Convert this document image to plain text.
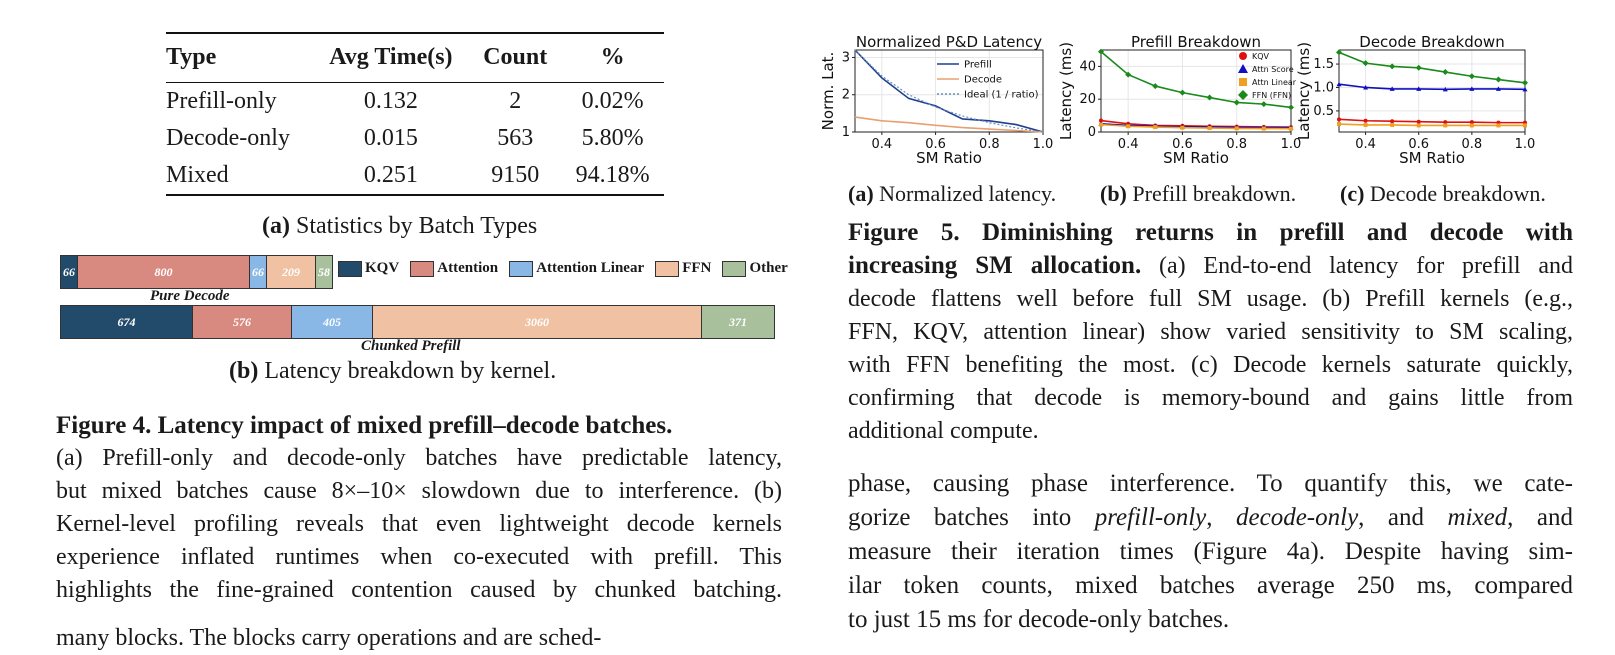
Type	Avg Time(s)	Count	%
Prefill-only	0.132	2	0.02%
Decode-only	0.015	563	5.80%
Mixed	0.251	9150	94.18%
(a) Statistics by Batch Types
66	800	66 209 58	KQV	Attention	Attention Linear	FFN	Other
Pure Decode
674	576	405	3060	371
Chunked Prefill
(b) Latency breakdown by kernel.
Figure 4. Latency impact of mixed prefill–decode batches.
(a) Prefill-only and decode-only batches have predictable latency,
but mixed batches cause 8×–10× slowdown due to interference. (b)
Kernel-level profiling reveals that even lightweight decode kernels
experience inflated runtimes when co-executed with prefill. This
highlights the fine-grained contention caused by chunked batching.
many blocks. The blocks carry operations and are sched-
Normalized P&D Latency
0.4	0.6	0.8	1.0
1
2
3
SM Ratio
Norm. Lat.	Prefill
Decode
Ideal (1 / ratio)
Prefill Breakdown
0.4	0.6	0.8	1.0
0
20
40
SM Ratio
Latency (ms)	KQV
Attn Score
Attn Linear
FFN (FFN)
Decode Breakdown
0.4 0.6 0.8 1.0
0.5
1.0
1.5
SM Ratio
Latency (ms)
(a) Normalized latency. (b) Prefill breakdown. (c) Decode breakdown.
Figure 5. Diminishing returns in prefill and decode with
increasing SM allocation. (a) End-to-end latency for prefill and
decode flattens well before full SM usage. (b) Prefill kernels (e.g.,
FFN, KQV, attention linear) show varied sensitivity to SM scaling,
with FFN benefiting the most. (c) Decode kernels saturate quickly,
confirming that decode is memory-bound and gains little from
additional compute.
phase, causing phase interference. To quantify this, we cate-
gorize batches into prefill-only, decode-only, and mixed, and
measure their iteration times (Figure 4a). Despite having sim-
ilar token counts, mixed batches average 250 ms, compared
to just 15 ms for decode-only batches.
